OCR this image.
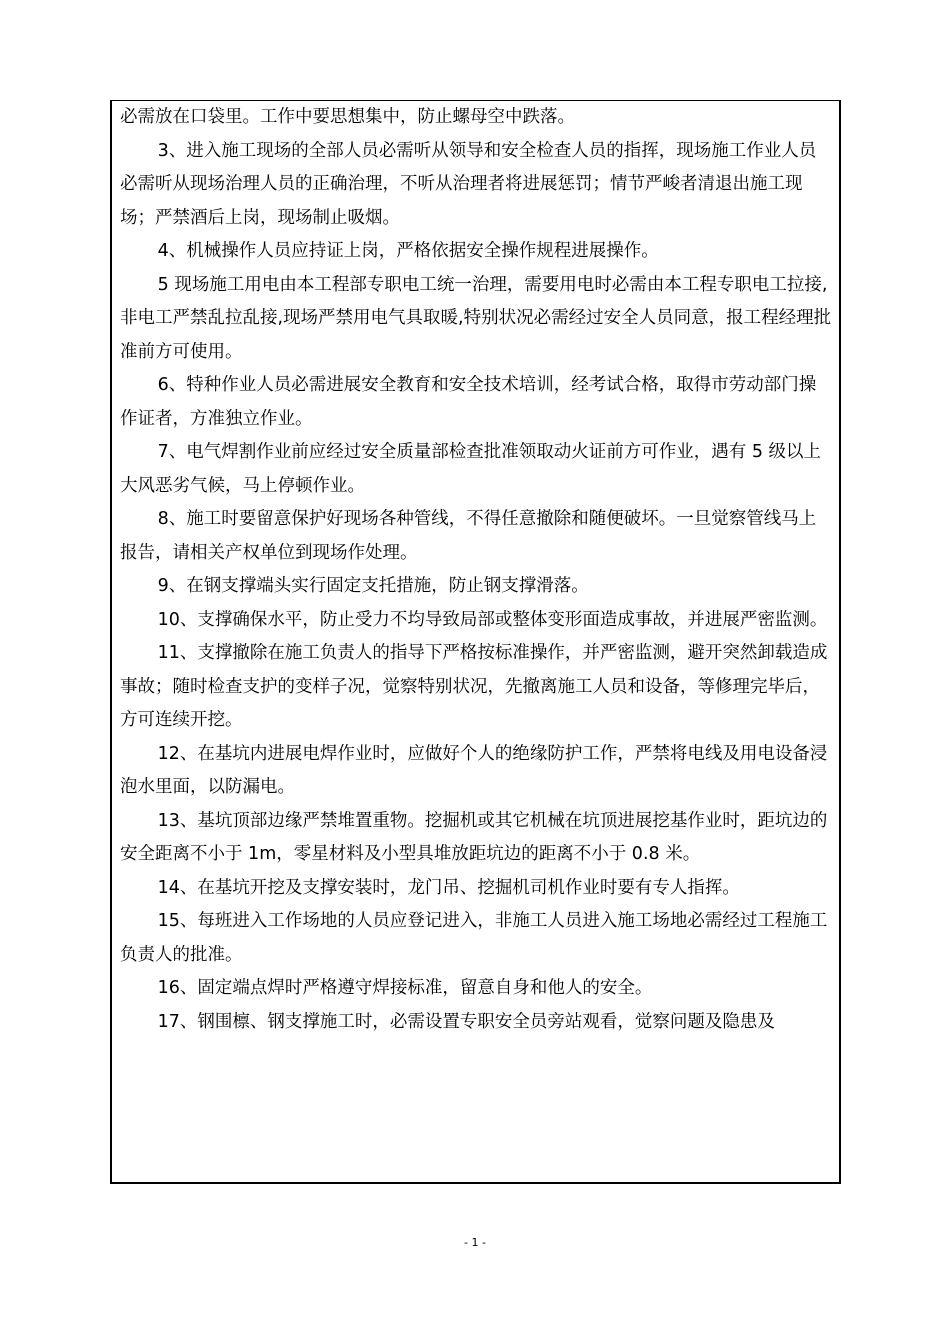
必需放在口袋里。工作中要思想集中，防止螺母空中跌落。

3、进入施工现场的全部人员必需听从领导和安全检查人员的指挥，现场施工作业人员必需听从现场治理人员的正确治理，不听从治理者将进展惩罚；情节严峻者清退出施工现场；严禁酒后上岗，现场制止吸烟。

4、机械操作人员应持证上岗，严格依据安全操作规程进展操作。

5 现场施工用电由本工程部专职电工统一治理，需要用电时必需由本工程专职电工拉接,非电工严禁乱拉乱接,现场严禁用电气具取暖,特别状况必需经过安全人员同意，报工程经理批准前方可使用。

6、特种作业人员必需进展安全教育和安全技术培训，经考试合格，取得市劳动部门操作证者，方准独立作业。

7、电气焊割作业前应经过安全质量部检查批准领取动火证前方可作业，遇有 5 级以上大风恶劣气候，马上停顿作业。

8、施工时要留意保护好现场各种管线，不得任意撤除和随便破坏。一旦觉察管线马上报告，请相关产权单位到现场作处理。

9、在钢支撑端头实行固定支托措施，防止钢支撑滑落。

10、支撑确保水平，防止受力不均导致局部或整体变形面造成事故，并进展严密监测。

11、支撑撤除在施工负责人的指导下严格按标准操作，并严密监测，避开突然卸载造成事故；随时检查支护的变样子况，觉察特别状况，先撤离施工人员和设备，等修理完毕后，方可连续开挖。

12、在基坑内进展电焊作业时，应做好个人的绝缘防护工作，严禁将电线及用电设备浸泡水里面，以防漏电。

13、基坑顶部边缘严禁堆置重物。挖掘机或其它机械在坑顶进展挖基作业时，距坑边的安全距离不小于 1m，零星材料及小型具堆放距坑边的距离不小于 0.8 米。

14、在基坑开挖及支撑安装时，龙门吊、挖掘机司机作业时要有专人指挥。

15、每班进入工作场地的人员应登记进入，非施工人员进入施工场地必需经过工程施工负责人的批准。

16、固定端点焊时严格遵守焊接标准，留意自身和他人的安全。

17、钢围檩、钢支撑施工时，必需设置专职安全员旁站观看，觉察问题及隐患及

- 1 -
